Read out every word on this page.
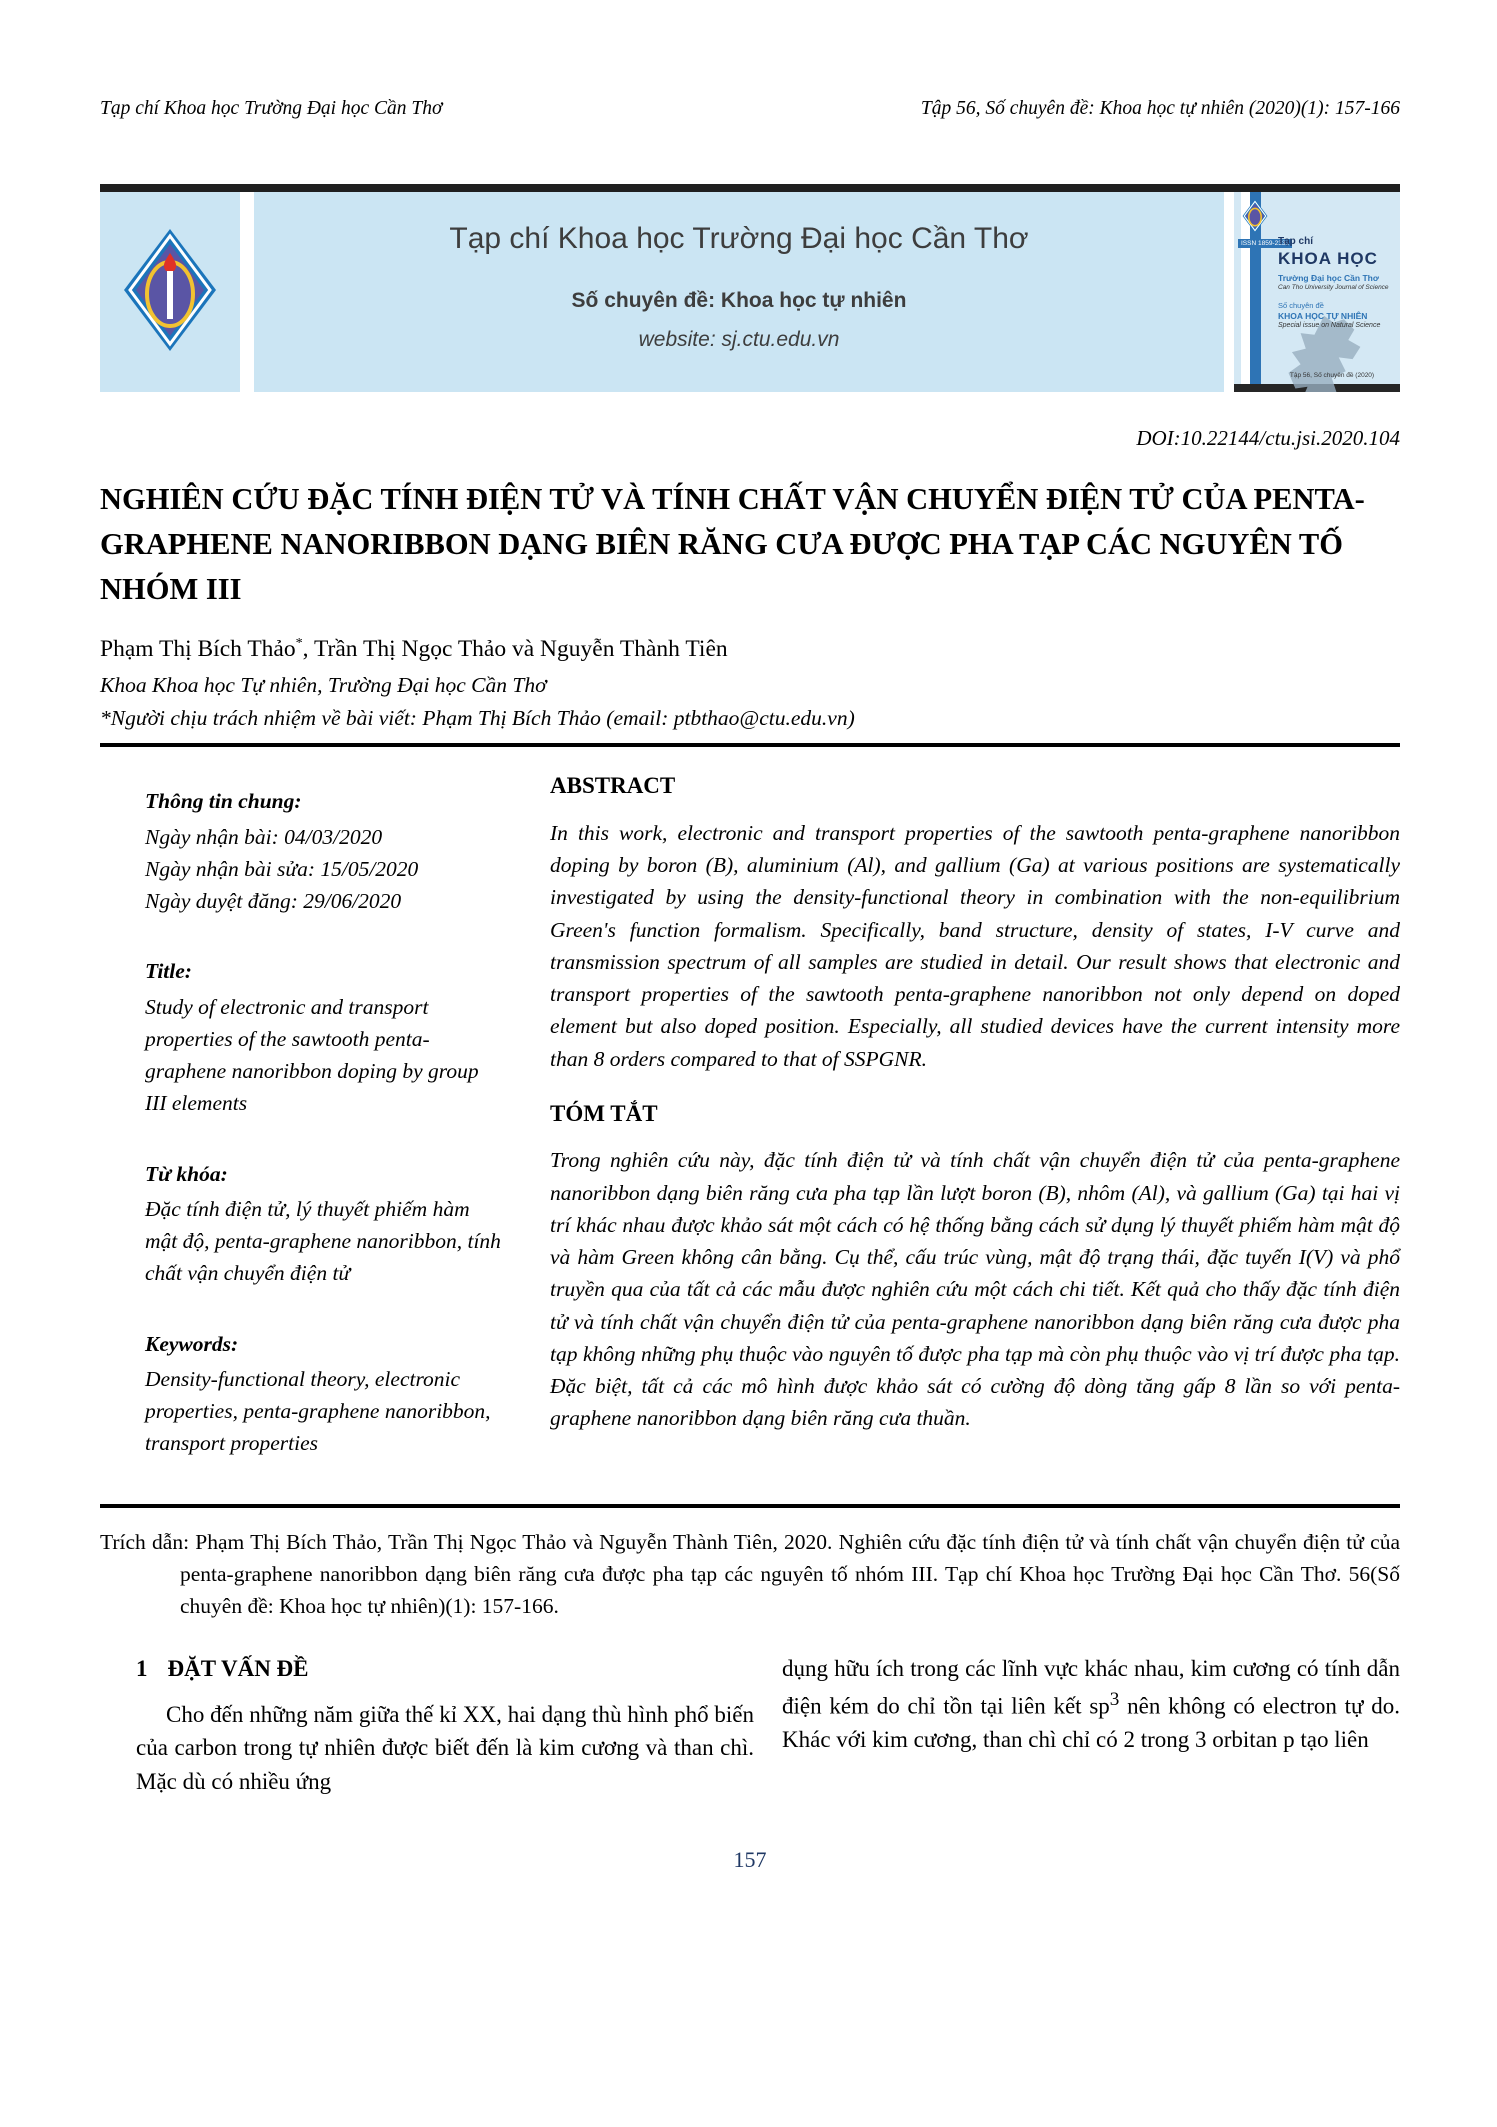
Tạp chí Khoa học Trường Đại học Cần Thơ	Tập 56, Số chuyên đề: Khoa học tự nhiên (2020)(1): 157-166
Tạp chí Khoa học Trường Đại học Cần Thơ
Số chuyên đề: Khoa học tự nhiên
website: sj.ctu.edu.vn
ISSN 1859-2333
Tạp chí
KHOA HỌC
Trường Đại học Cần Thơ
Can Tho University Journal of Science
Số chuyên đề
KHOA HỌC TỰ NHIÊN
Special issue on Natural Science
Tập 56, Số chuyên đề (2020)
DOI:10.22144/ctu.jsi.2020.104
NGHIÊN CỨU ĐẶC TÍNH ĐIỆN TỬ VÀ TÍNH CHẤT VẬN CHUYỂN ĐIỆN TỬ CỦA PENTA-GRAPHENE NANORIBBON DẠNG BIÊN RĂNG CƯA ĐƯỢC PHA TẠP CÁC NGUYÊN TỐ NHÓM III
Phạm Thị Bích Thảo*, Trần Thị Ngọc Thảo và Nguyễn Thành Tiên
Khoa Khoa học Tự nhiên, Trường Đại học Cần Thơ
*Người chịu trách nhiệm về bài viết: Phạm Thị Bích Thảo (email: ptbthao@ctu.edu.vn)
Thông tin chung:
Ngày nhận bài: 04/03/2020
Ngày nhận bài sửa: 15/05/2020
Ngày duyệt đăng: 29/06/2020
Title:
Study of electronic and transport properties of the sawtooth penta-graphene nanoribbon doping by group III elements
Từ khóa:
Đặc tính điện tử, lý thuyết phiếm hàm mật độ, penta-graphene nanoribbon, tính chất vận chuyển điện tử
Keywords:
Density-functional theory, electronic properties, penta-graphene nanoribbon, transport properties
ABSTRACT
In this work, electronic and transport properties of the sawtooth penta-graphene nanoribbon doping by boron (B), aluminium (Al), and gallium (Ga) at various positions are systematically investigated by using the density-functional theory in combination with the non-equilibrium Green's function formalism. Specifically, band structure, density of states, I-V curve and transmission spectrum of all samples are studied in detail. Our result shows that electronic and transport properties of the sawtooth penta-graphene nanoribbon not only depend on doped element but also doped position. Especially, all studied devices have the current intensity more than 8 orders compared to that of SSPGNR.
TÓM TẮT
Trong nghiên cứu này, đặc tính điện tử và tính chất vận chuyển điện tử của penta-graphene nanoribbon dạng biên răng cưa pha tạp lần lượt boron (B), nhôm (Al), và gallium (Ga) tại hai vị trí khác nhau được khảo sát một cách có hệ thống bằng cách sử dụng lý thuyết phiếm hàm mật độ và hàm Green không cân bằng. Cụ thể, cấu trúc vùng, mật độ trạng thái, đặc tuyến I(V) và phổ truyền qua của tất cả các mẫu được nghiên cứu một cách chi tiết. Kết quả cho thấy đặc tính điện tử và tính chất vận chuyển điện tử của penta-graphene nanoribbon dạng biên răng cưa được pha tạp không những phụ thuộc vào nguyên tố được pha tạp mà còn phụ thuộc vào vị trí được pha tạp. Đặc biệt, tất cả các mô hình được khảo sát có cường độ dòng tăng gấp 8 lần so với penta-graphene nanoribbon dạng biên răng cưa thuần.
Trích dẫn: Phạm Thị Bích Thảo, Trần Thị Ngọc Thảo và Nguyễn Thành Tiên, 2020. Nghiên cứu đặc tính điện tử và tính chất vận chuyển điện tử của penta-graphene nanoribbon dạng biên răng cưa được pha tạp các nguyên tố nhóm III. Tạp chí Khoa học Trường Đại học Cần Thơ. 56(Số chuyên đề: Khoa học tự nhiên)(1): 157-166.
1 ĐẶT VẤN ĐỀ

Cho đến những năm giữa thế kỉ XX, hai dạng thù hình phổ biến của carbon trong tự nhiên được biết đến là kim cương và than chì. Mặc dù có nhiều ứng

dụng hữu ích trong các lĩnh vực khác nhau, kim cương có tính dẫn điện kém do chỉ tồn tại liên kết $sp^3$ nên không có electron tự do. Khác với kim cương, than chì chỉ có 2 trong 3 orbitan p tạo liên

157
